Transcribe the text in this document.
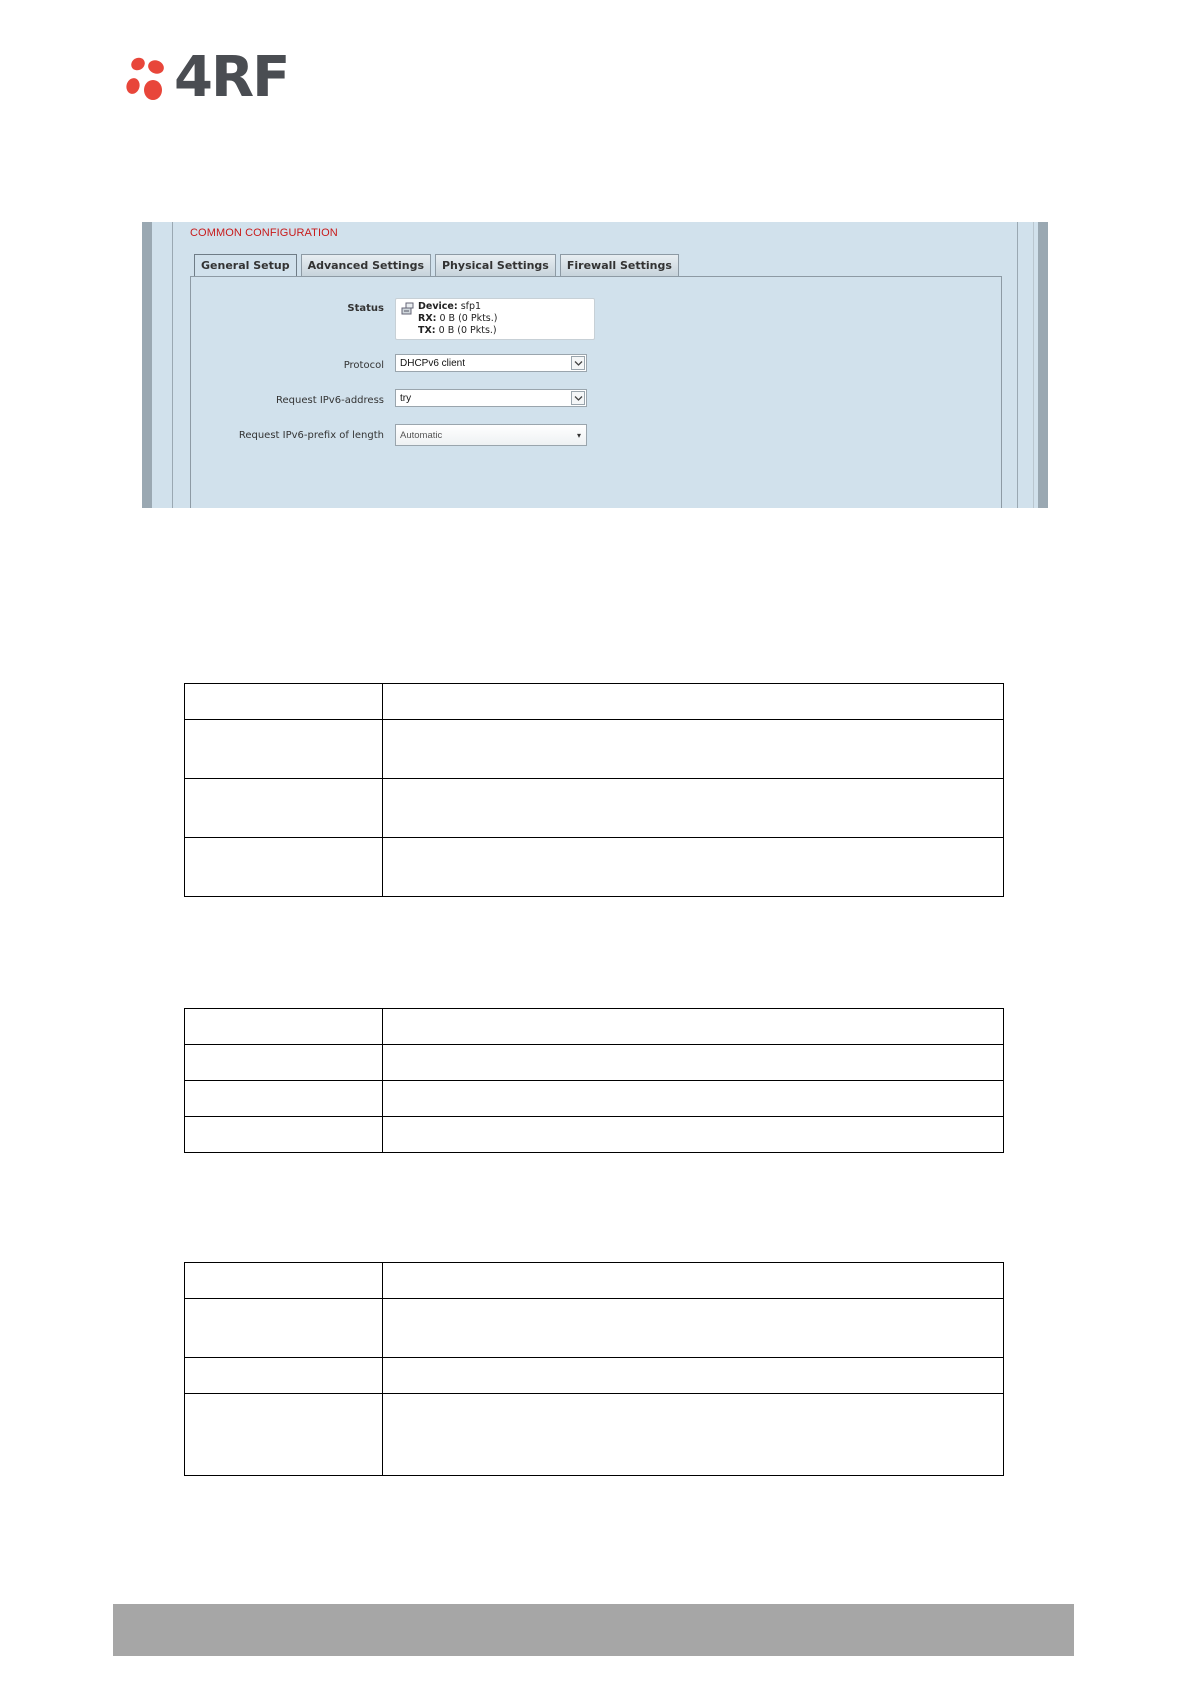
4RF
COMMON CONFIGURATION
General Setup	Advanced Settings	Physical Settings	Firewall Settings
Status	Device: sfp1
RX: 0 B (0 Pkts.)
TX: 0 B (0 Pkts.)
Protocol	DHCPv6 client
Request IPv6-address	try
Request IPv6-prefix of length	Automatic	▾
